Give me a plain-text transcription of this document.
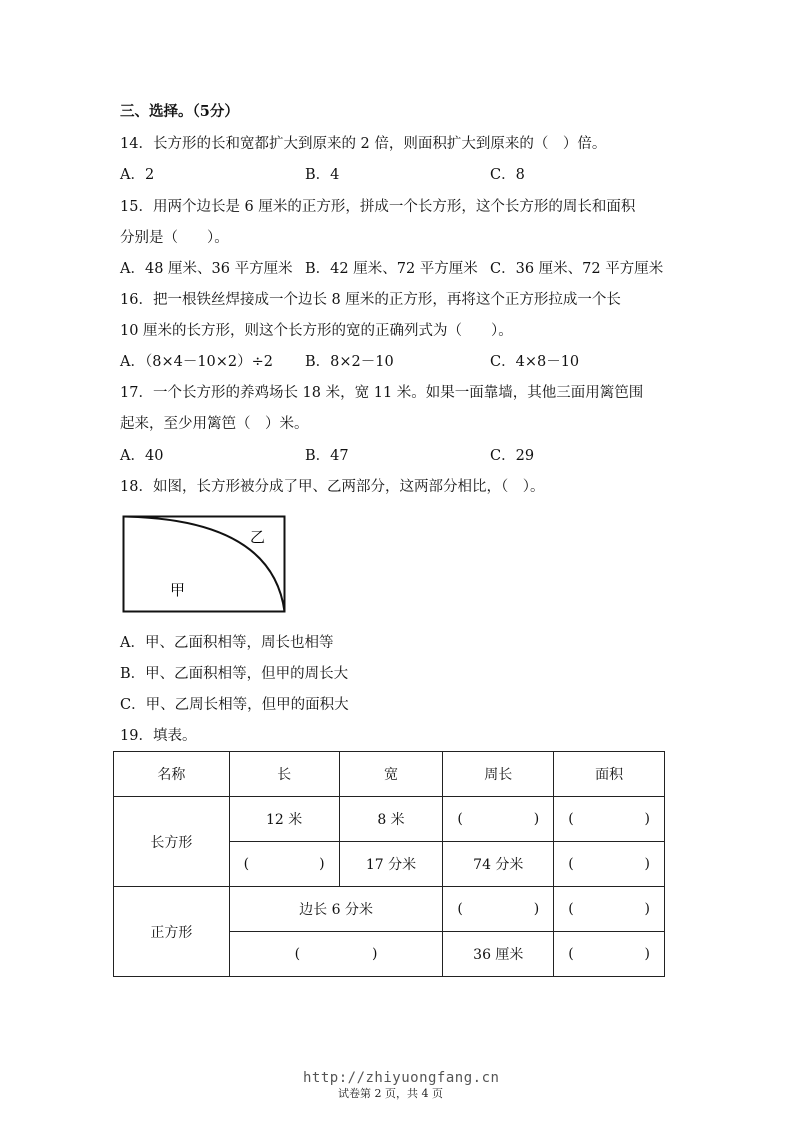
三、选择。（5分）
14．长方形的长和宽都扩大到原来的 2 倍，则面积扩大到原来的（　）倍。
A．2	B．4	C．8
15．用两个边长是 6 厘米的正方形，拼成一个长方形，这个长方形的周长和面积
分别是（　　）。
A．48 厘米、36 平方厘米 B．42 厘米、72 平方厘米 C．36 厘米、72 平方厘米
16．把一根铁丝焊接成一个边长 8 厘米的正方形，再将这个正方形拉成一个长
10 厘米的长方形，则这个长方形的宽的正确列式为（　　）。
A．（8×4－10×2）÷2 B．8×2－10	C．4×8－10
17．一个长方形的养鸡场长 18 米，宽 11 米。如果一面靠墙，其他三面用篱笆围
起来，至少用篱笆（　）米。
A．40	B．47	C．29
18．如图，长方形被分成了甲、乙两部分，这两部分相比，（　）。
乙
甲
A．甲、乙面积相等，周长也相等
B．甲、乙面积相等，但甲的周长大
C．甲、乙周长相等，但甲的面积大
19．填表。
名称	长	宽	周长	面积
长方形	12 米	8 米	( )	( )

	( )	17 分米	74 分米	( )

正方形	边长 6 分米		( )	( )

	( )		36 厘米	( )
http://zhiyuongfang.cn
试卷第 2 页，共 4 页
